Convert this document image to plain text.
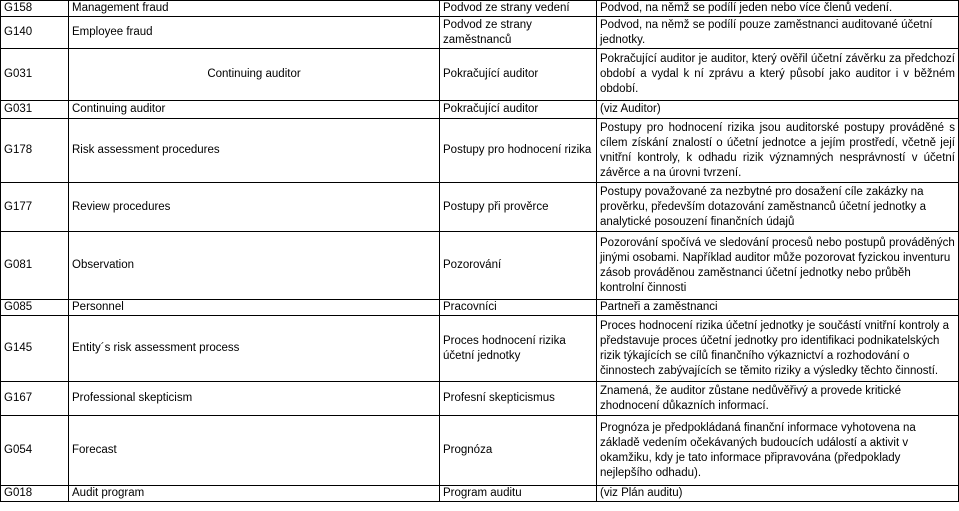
G158	Management fraud	Podvod ze strany vedení	Podvod, na němž se podílí jeden nebo více členů vedení.
G140	Employee fraud	Podvod ze strany zaměstnanců	Podvod, na němž se podílí pouze zaměstnanci auditované účetní jednotky.
G031	Continuing auditor	Pokračující auditor	Pokračující auditor je auditor, který ověřil účetní závěrku za předchozí období a vydal k ní zprávu a který působí jako auditor i v běžném období.
G031	Continuing auditor	Pokračující auditor	(viz Auditor)
G178	Risk assessment procedures	Postupy pro hodnocení rizika	Postupy pro hodnocení rizika jsou auditorské postupy prováděné s cílem získání znalostí o účetní jednotce a jejím prostředí, včetně její vnitřní kontroly, k odhadu rizik významných nesprávností v účetní závěrce a na úrovni tvrzení.
G177	Review procedures	Postupy při prověrce	Postupy považované za nezbytné pro dosažení cíle zakázky na prověrku, především dotazování zaměstnanců účetní jednotky a analytické posouzení finančních údajů
G081	Observation	Pozorování	Pozorování spočívá ve sledování procesů nebo postupů prováděných jinými osobami. Například auditor může pozorovat fyzickou inventuru zásob prováděnou zaměstnanci účetní jednotky nebo průběh kontrolní činnosti
G085	Personnel	Pracovníci	Partneři a zaměstnanci
G145	Entity´s risk assessment process	Proces hodnocení rizika účetní jednotky	Proces hodnocení rizika účetní jednotky je součástí vnitřní kontroly a představuje proces účetní jednotky pro identifikaci podnikatelských rizik týkajících se cílů finančního výkaznictví a rozhodování o činnostech zabývajících se těmito riziky a výsledky těchto činností.
G167	Professional skepticism	Profesní skepticismus	Znamená, že auditor zůstane nedůvěřivý a provede kritické zhodnocení důkazních informací.
G054	Forecast	Prognóza	Prognóza je předpokládaná finanční informace vyhotovena na základě vedením očekávaných budoucích událostí a aktivit v okamžiku, kdy je tato informace připravována (předpoklady nejlepšího odhadu).
G018	Audit program	Program auditu	(viz Plán auditu)
